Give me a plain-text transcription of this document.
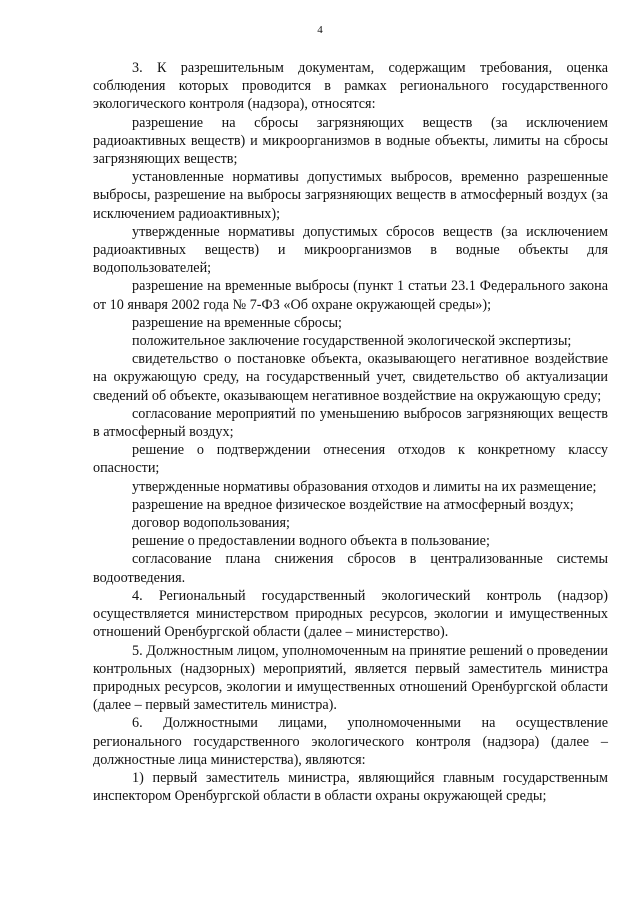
4

3. К разрешительным документам, содержащим требования, оценка соблюдения которых проводится в рамках регионального государственного экологического контроля (надзора), относятся:

разрешение на сбросы загрязняющих веществ (за исключением радиоактивных веществ) и микроорганизмов в водные объекты, лимиты на сбросы загрязняющих веществ;

установленные нормативы допустимых выбросов, временно разрешенные выбросы, разрешение на выбросы загрязняющих веществ в атмосферный воздух (за исключением радиоактивных);

утвержденные нормативы допустимых сбросов веществ (за исключением радиоактивных веществ) и микроорганизмов в водные объекты для водопользователей;

разрешение на временные выбросы (пункт 1 статьи 23.1 Федерального закона от 10 января 2002 года № 7-ФЗ «Об охране окружающей среды»);

разрешение на временные сбросы;

положительное заключение государственной экологической экспертизы;

свидетельство о постановке объекта, оказывающего негативное воздействие на окружающую среду, на государственный учет, свидетельство об актуализации сведений об объекте, оказывающем негативное воздействие на окружающую среду;

согласование мероприятий по уменьшению выбросов загрязняющих веществ в атмосферный воздух;

решение о подтверждении отнесения отходов к конкретному классу опасности;

утвержденные нормативы образования отходов и лимиты на их размещение;

разрешение на вредное физическое воздействие на атмосферный воздух;

договор водопользования;

решение о предоставлении водного объекта в пользование;

согласование плана снижения сбросов в централизованные системы водоотведения.

4. Региональный государственный экологический контроль (надзор) осуществляется министерством природных ресурсов, экологии и имущественных отношений Оренбургской области (далее – министерство).

5. Должностным лицом, уполномоченным на принятие решений о проведении контрольных (надзорных) мероприятий, является первый заместитель министра природных ресурсов, экологии и имущественных отношений Оренбургской области (далее – первый заместитель министра).

6. Должностными лицами, уполномоченными на осуществление регионального государственного экологического контроля (надзора) (далее – должностные лица министерства), являются:

1) первый заместитель министра, являющийся главным государственным инспектором Оренбургской области в области охраны окружающей среды;
